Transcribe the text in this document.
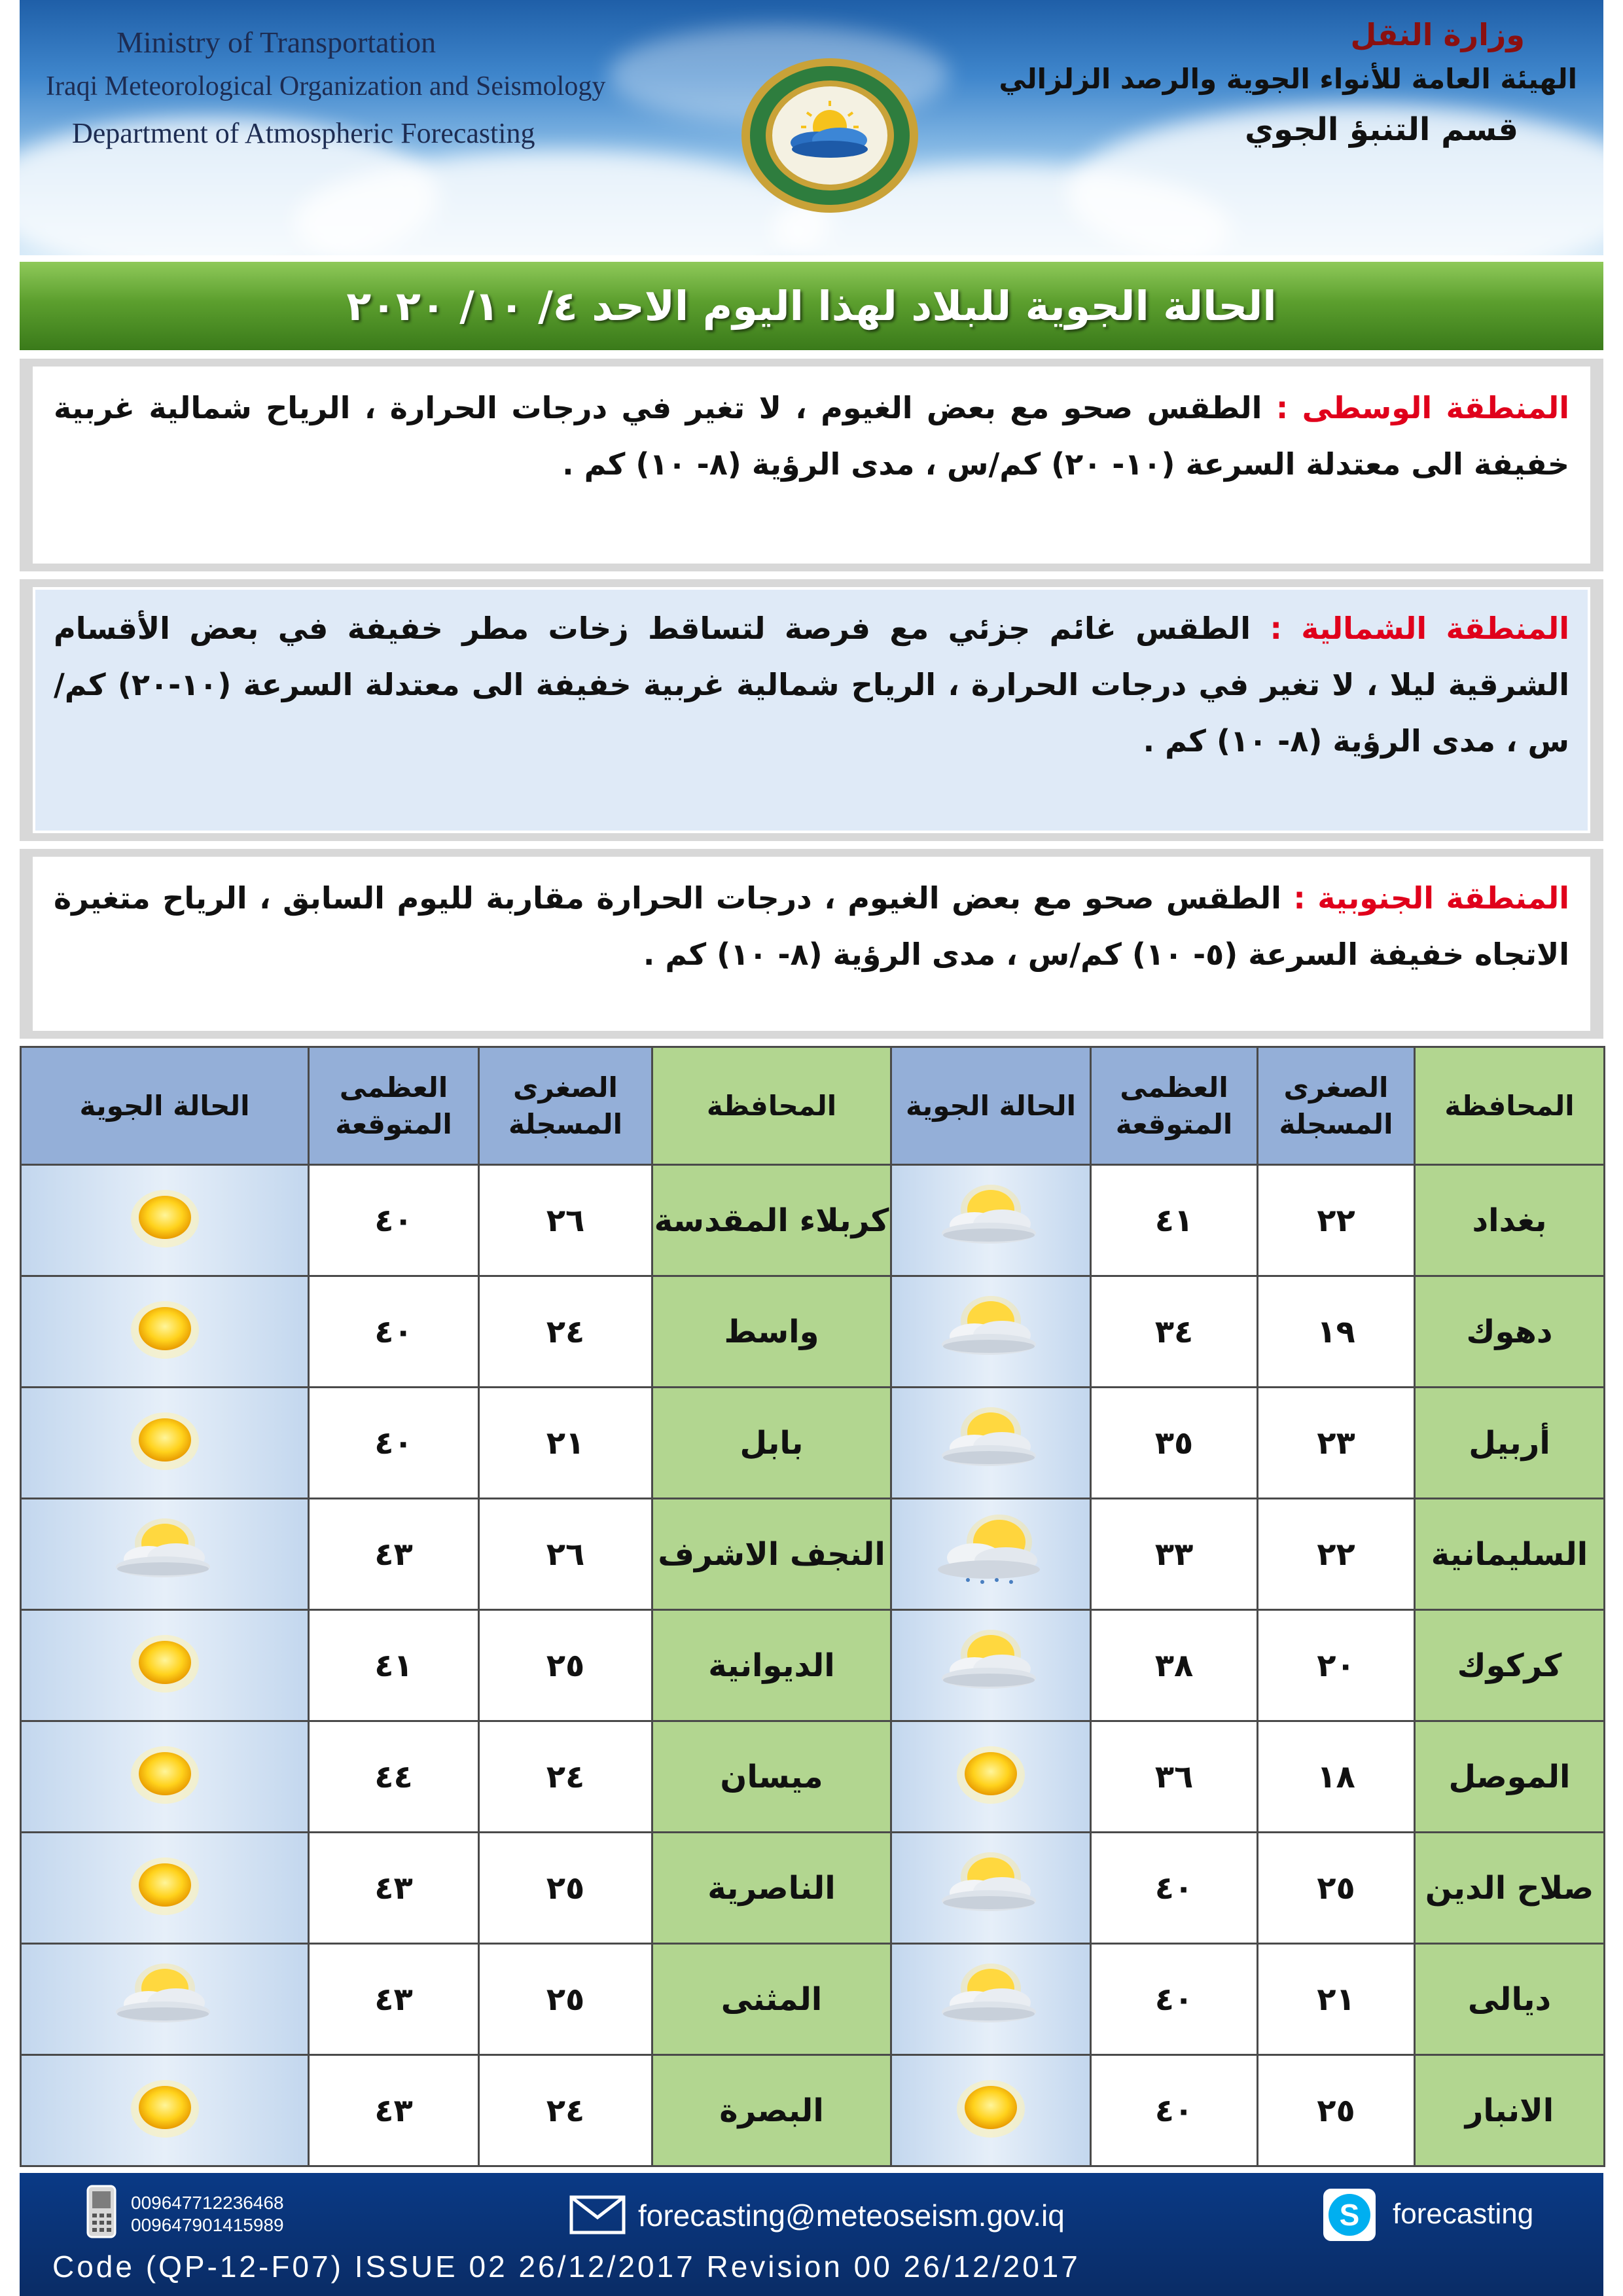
Ministry of Transportation
Iraqi Meteorological Organization and Seismology
Department of Atmospheric Forecasting
وزارة النقل
الهيئة العامة للأنواء الجوية والرصد الزلزالي
قسم التنبؤ الجوي
الحالة الجوية للبلاد لهذا اليوم الاحد ٤/ ١٠/ ٢٠٢٠
المنطقة الوسطى : الطقس صحو مع بعض الغيوم ، لا تغير في درجات الحرارة ، الرياح شمالية غربية خفيفة الى معتدلة السرعة (١٠- ٢٠) كم/س ، مدى الرؤية (٨- ١٠) كم .
المنطقة الشمالية : الطقس غائم جزئي مع فرصة لتساقط زخات مطر خفيفة في بعض الأقسام الشرقية ليلا ، لا تغير في درجات الحرارة ، الرياح شمالية غربية خفيفة الى معتدلة السرعة (١٠-٢٠) كم/س ، مدى الرؤية (٨- ١٠) كم .
المنطقة الجنوبية : الطقس صحو مع بعض الغيوم ، درجات الحرارة مقاربة لليوم السابق ، الرياح متغيرة الاتجاه خفيفة السرعة (٥- ١٠) كم/س ، مدى الرؤية (٨- ١٠) كم .
المحافظة	الصغرى المسجلة	العظمى المتوقعة	الحالة الجوية	المحافظة	الصغرى المسجلة	العظمى المتوقعة	الحالة الجوية
بغداد	٢٢	٤١		كربلاء المقدسة	٢٦	٤٠	
دهوك	١٩	٣٤		واسط	٢٤	٤٠	
أربيل	٢٣	٣٥		بابل	٢١	٤٠	
السليمانية	٢٢	٣٣		النجف الاشرف	٢٦	٤٣	
كركوك	٢٠	٣٨		الديوانية	٢٥	٤١	
الموصل	١٨	٣٦		ميسان	٢٤	٤٤	
صلاح الدين	٢٥	٤٠		الناصرية	٢٥	٤٣	
ديالى	٢١	٤٠		المثنى	٢٥	٤٣	
الانبار	٢٥	٤٠		البصرة	٢٤	٤٣	
009647712236468
009647901415989	forecasting@meteoseism.gov.iq	S forecasting
Code (QP-12-F07) ISSUE 02 26/12/2017 Revision 00 26/12/2017
